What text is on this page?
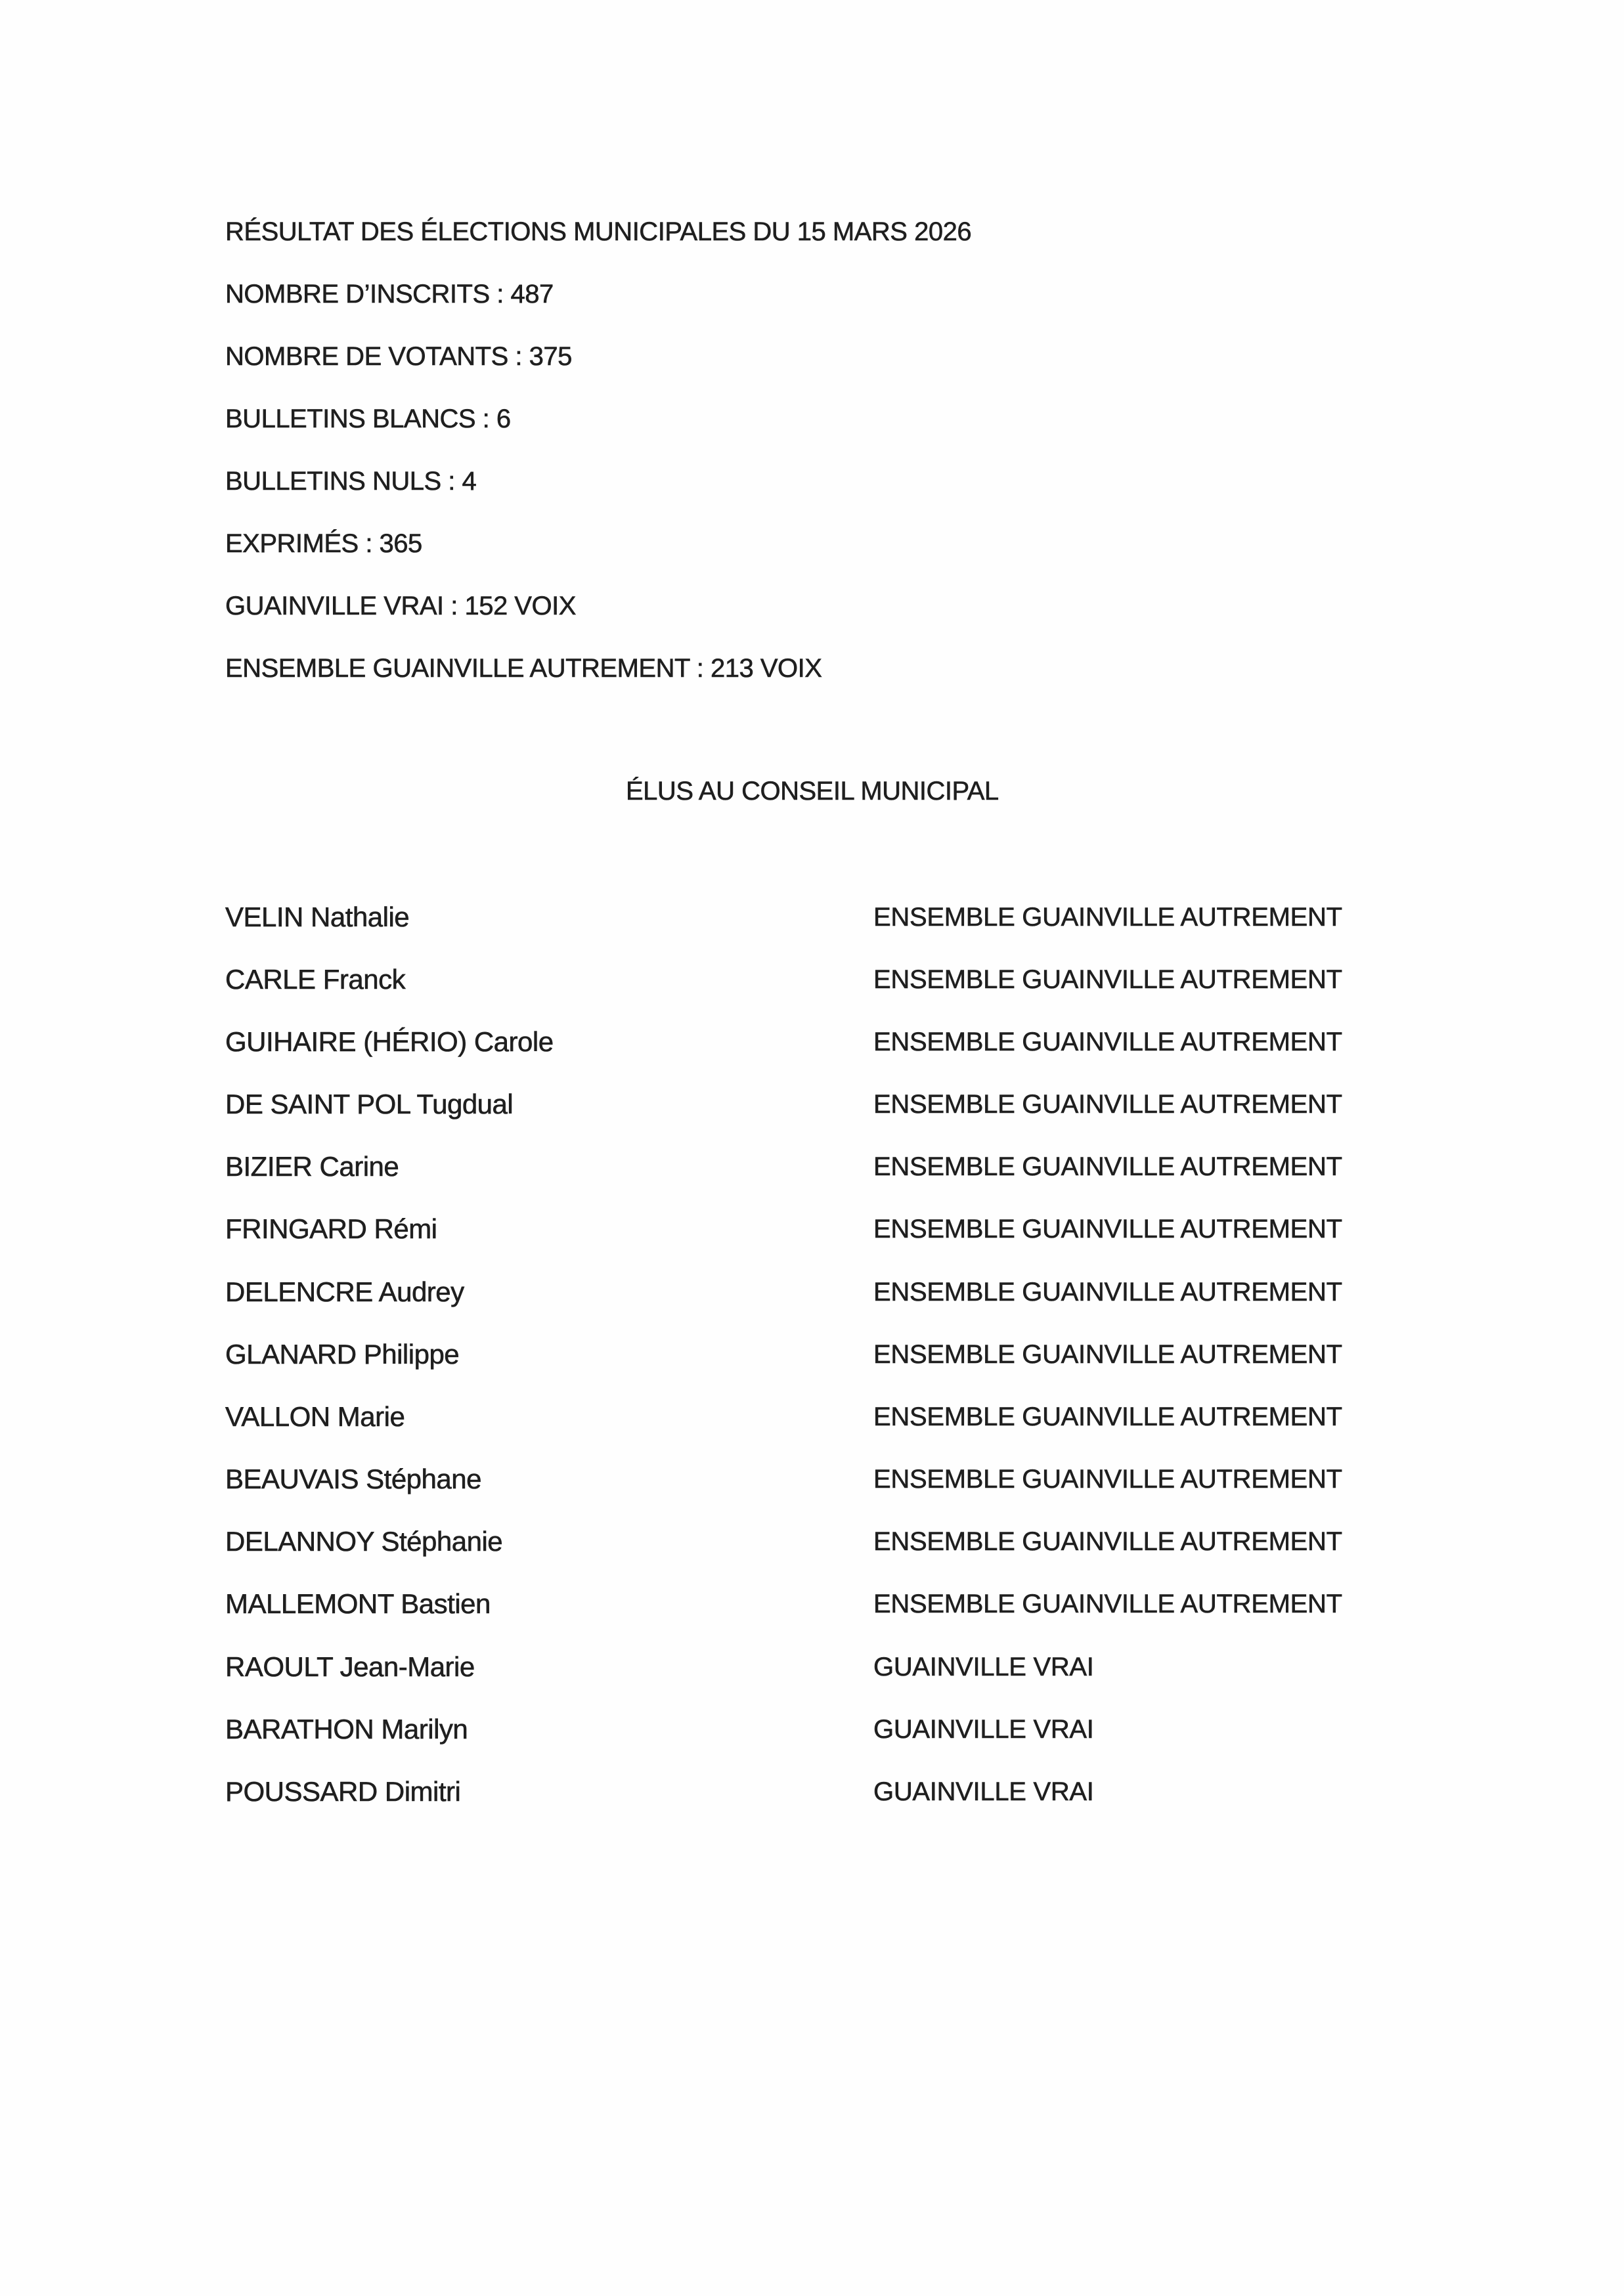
RÉSULTAT DES ÉLECTIONS MUNICIPALES DU 15 MARS 2026
NOMBRE D’INSCRITS : 487
NOMBRE DE VOTANTS : 375
BULLETINS BLANCS : 6
BULLETINS NULS : 4
EXPRIMÉS : 365
GUAINVILLE VRAI : 152 VOIX
ENSEMBLE GUAINVILLE AUTREMENT : 213 VOIX
ÉLUS AU CONSEIL MUNICIPAL
VELIN Nathalie	ENSEMBLE GUAINVILLE AUTREMENT
CARLE Franck	ENSEMBLE GUAINVILLE AUTREMENT
GUIHAIRE (HÉRIO) Carole	ENSEMBLE GUAINVILLE AUTREMENT
DE SAINT POL Tugdual	ENSEMBLE GUAINVILLE AUTREMENT
BIZIER Carine	ENSEMBLE GUAINVILLE AUTREMENT
FRINGARD Rémi	ENSEMBLE GUAINVILLE AUTREMENT
DELENCRE Audrey	ENSEMBLE GUAINVILLE AUTREMENT
GLANARD Philippe	ENSEMBLE GUAINVILLE AUTREMENT
VALLON Marie	ENSEMBLE GUAINVILLE AUTREMENT
BEAUVAIS Stéphane	ENSEMBLE GUAINVILLE AUTREMENT
DELANNOY Stéphanie	ENSEMBLE GUAINVILLE AUTREMENT
MALLEMONT Bastien	ENSEMBLE GUAINVILLE AUTREMENT
RAOULT Jean-Marie	GUAINVILLE VRAI
BARATHON Marilyn	GUAINVILLE VRAI
POUSSARD Dimitri	GUAINVILLE VRAI
